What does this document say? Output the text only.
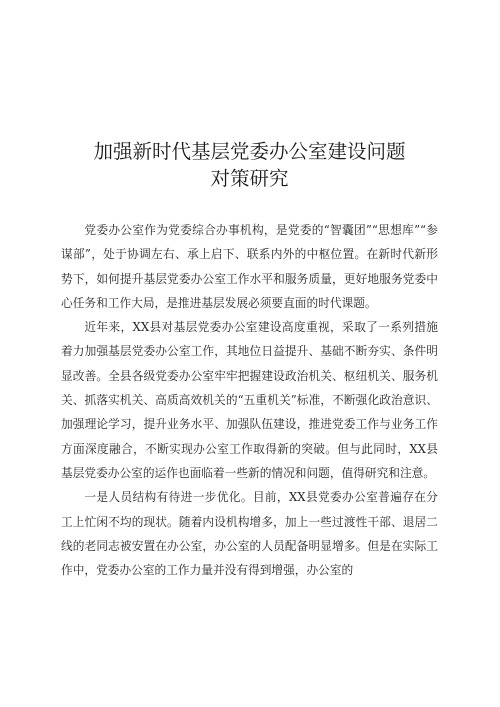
加强新时代基层党委办公室建设问题
对策研究

党委办公室作为党委综合办事机构，是党委的“智囊团”“思想库”“参谋部”，处于协调左右、承上启下、联系内外的中枢位置。在新时代新形势下，如何提升基层党委办公室工作水平和服务质量，更好地服务党委中心任务和工作大局，是推进基层发展必须要直面的时代课题。

近年来，XX县对基层党委办公室建设高度重视，采取了一系列措施着力加强基层党委办公室工作，其地位日益提升、基础不断夯实、条件明显改善。全县各级党委办公室牢牢把握建设政治机关、枢纽机关、服务机关、抓落实机关、高质高效机关的“五重机关”标准，不断强化政治意识、加强理论学习，提升业务水平、加强队伍建设，推进党委工作与业务工作方面深度融合，不断实现办公室工作取得新的突破。但与此同时，XX县基层党委办公室的运作也面临着一些新的情况和问题，值得研究和注意。

一是人员结构有待进一步优化。目前，XX县党委办公室普遍存在分工上忙闲不均的现状。随着内设机构增多，加上一些过渡性干部、退居二线的老同志被安置在办公室，办公室的人员配备明显增多。但是在实际工作中，党委办公室的工作力量并没有得到增强，办公室的
